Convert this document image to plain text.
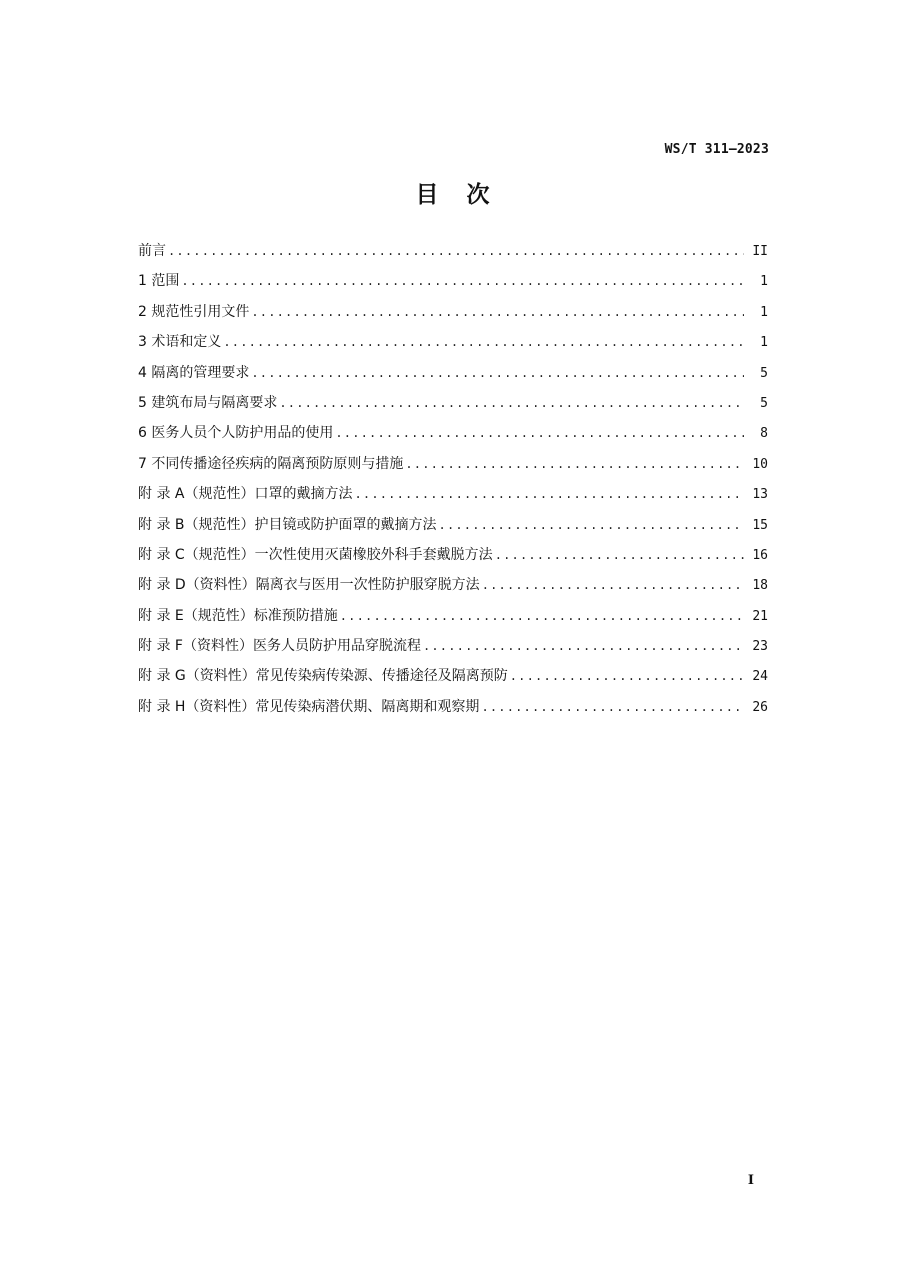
WS/T 311—2023
目 次
前言 .....	II
1 范围 .....	1
2 规范性引用文件 .....	1
3 术语和定义 .....	1
4 隔离的管理要求 .....	5
5 建筑布局与隔离要求 .....	5
6 医务人员个人防护用品的使用 .....	8
7 不同传播途径疾病的隔离预防原则与措施 .....	10
附 录 A（规范性）口罩的戴摘方法 .....	13
附 录 B（规范性）护目镜或防护面罩的戴摘方法 .....	15
附 录 C（规范性）一次性使用灭菌橡胶外科手套戴脱方法 .....	16
附 录 D（资料性）隔离衣与医用一次性防护服穿脱方法 .....	18
附 录 E（规范性）标准预防措施 .....	21
附 录 F（资料性）医务人员防护用品穿脱流程 .....	23
附 录 G（资料性）常见传染病传染源、传播途径及隔离预防 .....	24
附 录 H（资料性）常见传染病潜伏期、隔离期和观察期 .....	26
I
